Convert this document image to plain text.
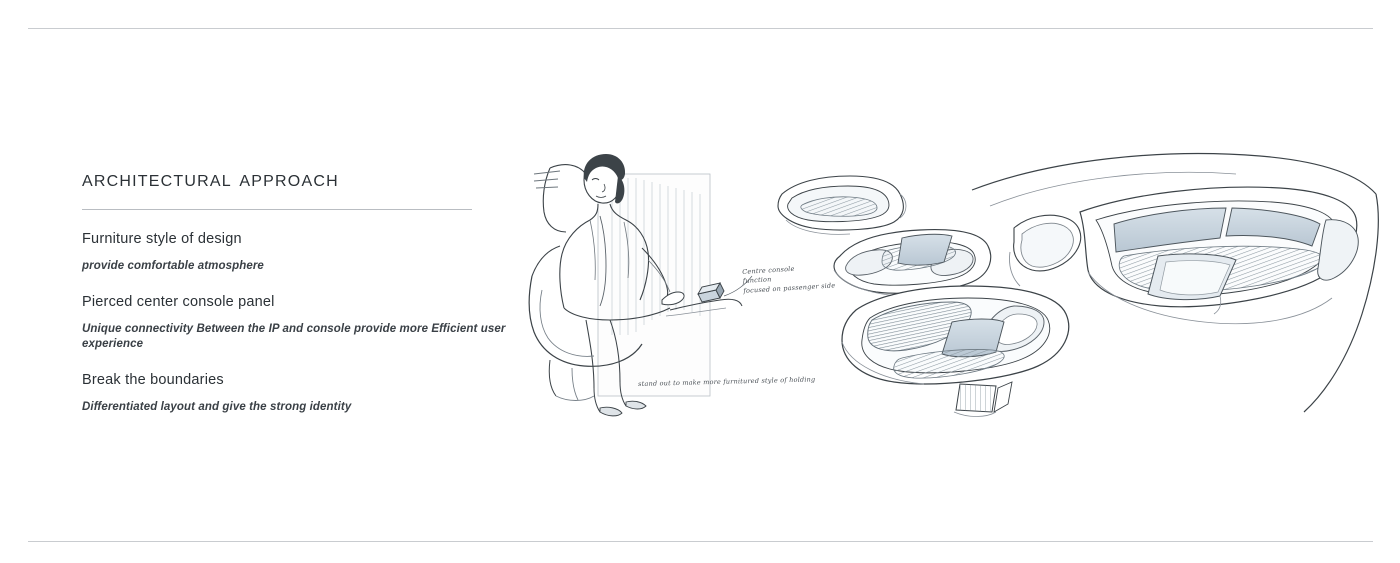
architectural approach

Furniture style of design

provide comfortable atmosphere

Pierced center console panel

Unique connectivity Between the IP and console provide more Efficient user experience

Break the boundaries

Differentiated layout and give the strong identity

Centre console
function
focused on passenger side
stand out to make more furnitured style of holding
